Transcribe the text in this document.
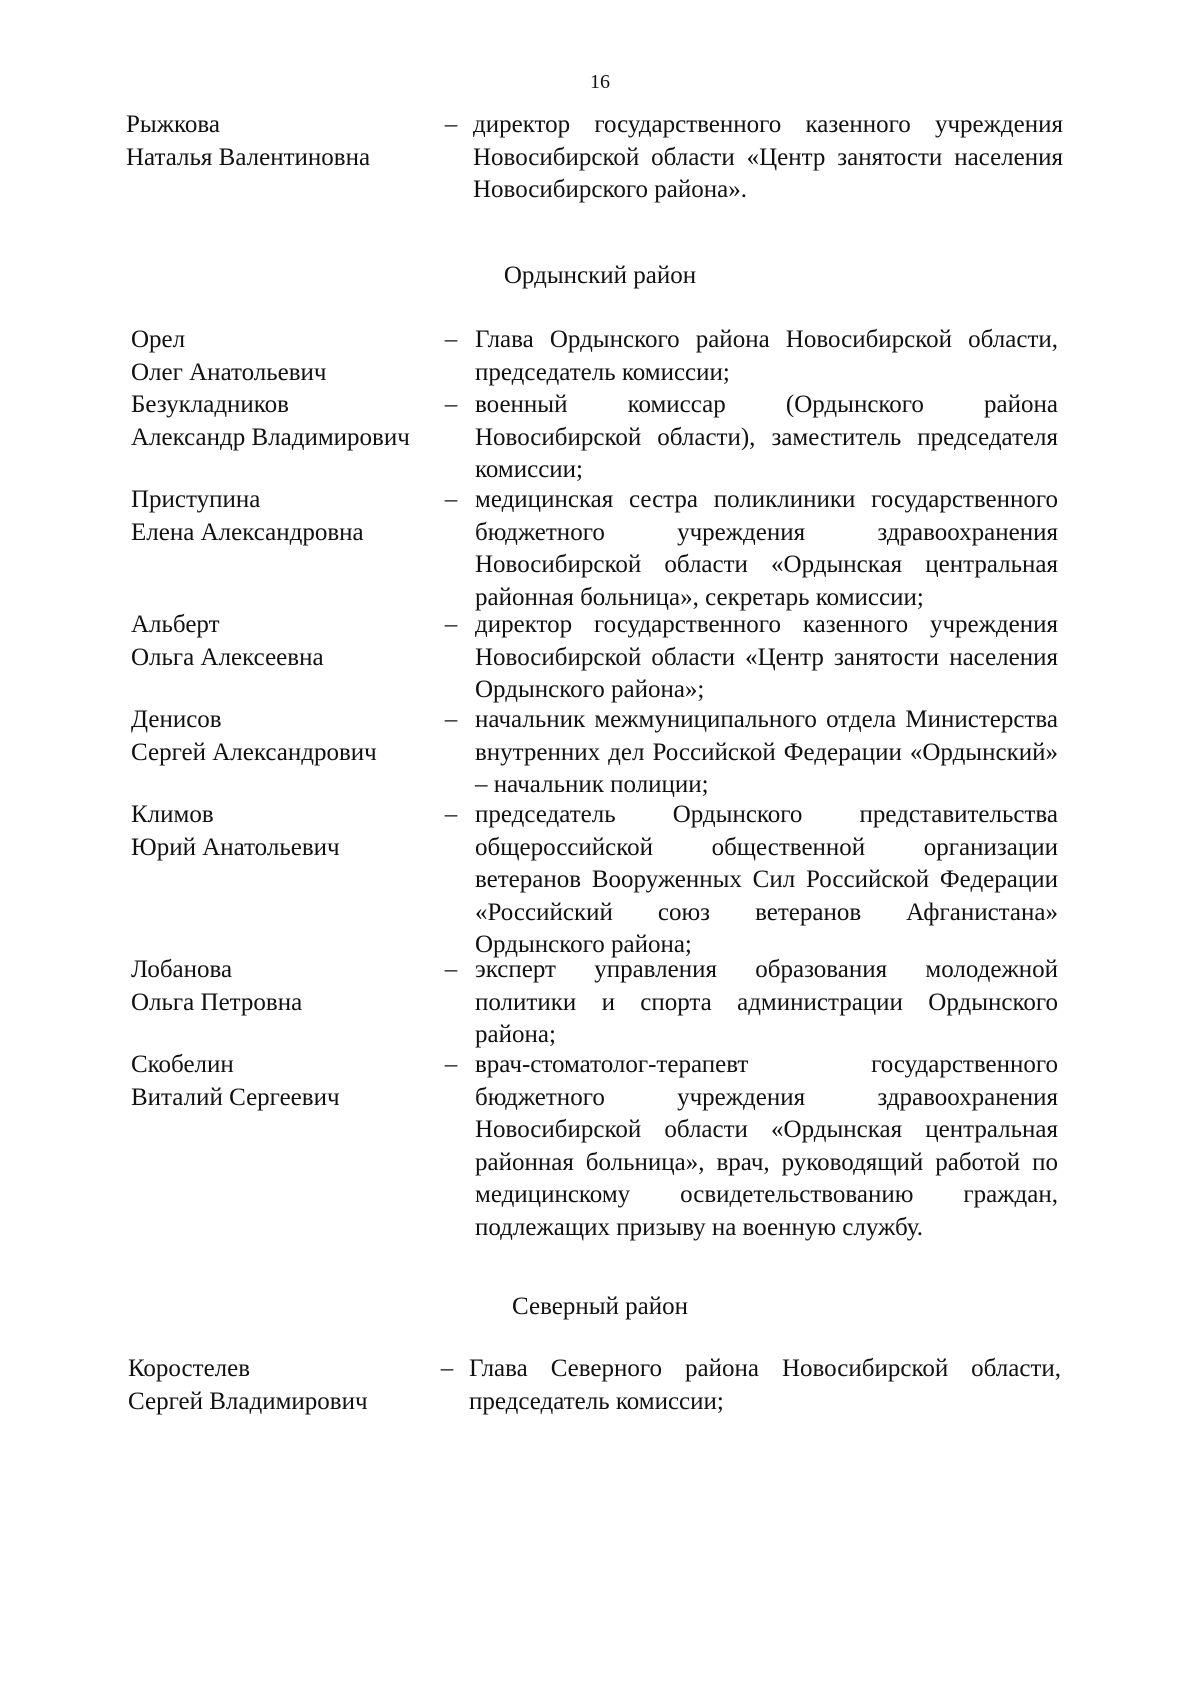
16
Рыжкова
Наталья Валентиновна
– директор государственного казенного учреждения Новосибирской области «Центр занятости населения Новосибирского района».
Ордынский район
Орел
Олег Анатольевич
– Глава Ордынского района Новосибирской области, председатель комиссии;
Безукладников
Александр Владимирович
– военный комиссар (Ордынского района Новосибирской области), заместитель председателя комиссии;
Приступина
Елена Александровна
– медицинская сестра поликлиники государственного бюджетного учреждения здравоохранения Новосибирской области «Ордынская центральная районная больница», секретарь комиссии;
Альберт
Ольга Алексеевна
– директор государственного казенного учреждения Новосибирской области «Центр занятости населения Ордынского района»;
Денисов
Сергей Александрович
– начальник межмуниципального отдела Министерства внутренних дел Российской Федерации «Ордынский» – начальник полиции;
Климов
Юрий Анатольевич
– председатель Ордынского представительства общероссийской общественной организации ветеранов Вооруженных Сил Российской Федерации «Российский союз ветеранов Афганистана» Ордынского района;
Лобанова
Ольга Петровна
– эксперт управления образования молодежной политики и спорта администрации Ордынского района;
Скобелин
Виталий Сергеевич
– врач-стоматолог-терапевт государственного бюджетного учреждения здравоохранения Новосибирской области «Ордынская центральная районная больница», врач, руководящий работой по медицинскому освидетельствованию граждан, подлежащих призыву на военную службу.
Северный район
Коростелев
Сергей Владимирович
– Глава Северного района Новосибирской области, председатель комиссии;
